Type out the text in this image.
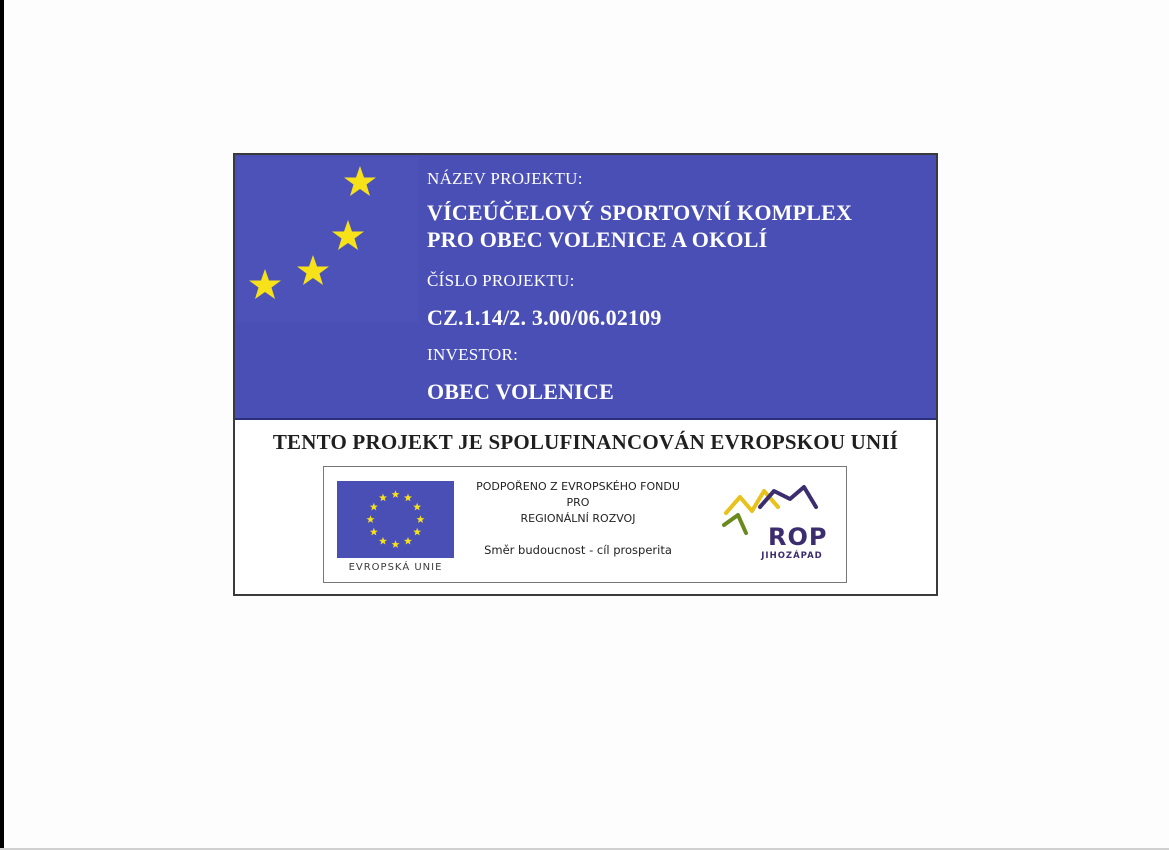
NÁZEV PROJEKTU:
VÍCEÚČELOVÝ SPORTOVNÍ KOMPLEX
PRO OBEC VOLENICE A OKOLÍ
ČÍSLO PROJEKTU:
CZ.1.14/2. 3.00/06.02109
INVESTOR:
OBEC VOLENICE
TENTO PROJEKT JE SPOLUFINANCOVÁN EVROPSKOU UNIÍ
EVROPSKÁ UNIE
PODPOŘENO Z EVROPSKÉHO FONDU
PRO
REGIONÁLNÍ ROZVOJ
Směr budoucnost - cíl prosperita	ROP
JIHOZÁPAD
